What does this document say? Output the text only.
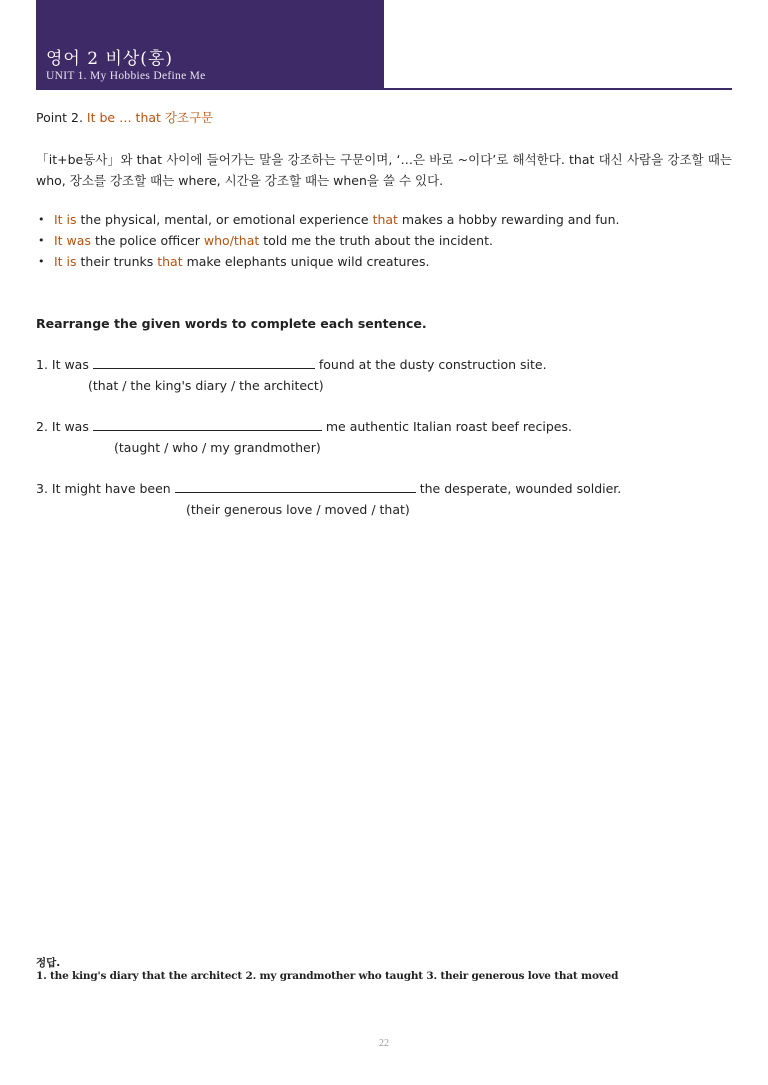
영어 2 비상(홍)
UNIT 1. My Hobbies Define Me
Point 2. It be … that 강조구문
「it+be동사」와 that 사이에 들어가는 말을 강조하는 구문이며, ‘…은 바로 ~이다’로 해석한다. that 대신 사람을 강조할 때는 who, 장소를 강조할 때는 where, 시간을 강조할 때는 when을 쓸 수 있다.
• It is the physical, mental, or emotional experience that makes a hobby rewarding and fun.
• It was the police officer who/that told me the truth about the incident.
• It is their trunks that make elephants unique wild creatures.
Rearrange the given words to complete each sentence.
1. It was	found at the dusty construction site.
(that / the king's diary / the architect)
2. It was	me authentic Italian roast beef recipes.
(taught / who / my grandmother)
3. It might have been	the desperate, wounded soldier.
(their generous love / moved / that)
정답.
1. the king's diary that the architect 2. my grandmother who taught 3. their generous love that moved
22
